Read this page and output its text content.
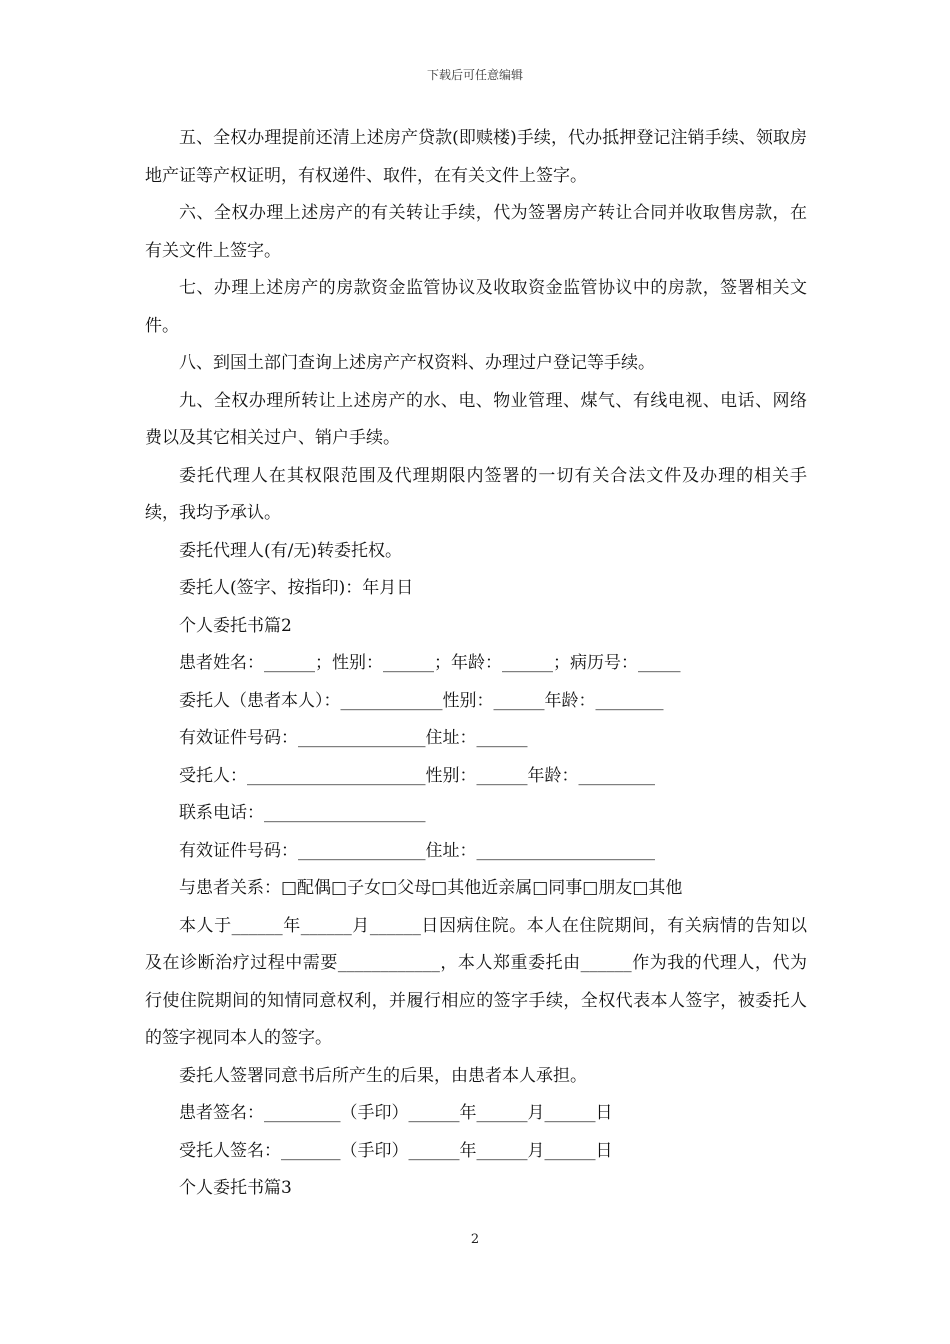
下载后可任意编辑

五、全权办理提前还清上述房产贷款(即赎楼)手续，代办抵押登记注销手续、领取房地产证等产权证明，有权递件、取件，在有关文件上签字。

六、全权办理上述房产的有关转让手续，代为签署房产转让合同并收取售房款，在有关文件上签字。

七、办理上述房产的房款资金监管协议及收取资金监管协议中的房款，签署相关文件。

八、到国土部门查询上述房产产权资料、办理过户登记等手续。

九、全权办理所转让上述房产的水、电、物业管理、煤气、有线电视、电话、网络费以及其它相关过户、销户手续。

委托代理人在其权限范围及代理期限内签署的一切有关合法文件及办理的相关手续，我均予承认。

委托代理人(有/无)转委托权。

委托人(签字、按指印)：年月日

个人委托书篇2

患者姓名：______；性别：______；年龄：______；病历号：_____

委托人（患者本人）：____________性别：______年龄：________

有效证件号码：_______________住址：______

受托人：_____________________性别：______年龄：_________

联系电话：___________________

有效证件号码：_______________住址：_____________________

与患者关系：□配偶□子女□父母□其他近亲属□同事□朋友□其他

本人于______年______月______日因病住院。本人在住院期间，有关病情的告知以及在诊断治疗过程中需要____________，本人郑重委托由______作为我的代理人，代为行使住院期间的知情同意权利，并履行相应的签字手续，全权代表本人签字，被委托人的签字视同本人的签字。

委托人签署同意书后所产生的后果，由患者本人承担。

患者签名：_________（手印）______年______月______日

受托人签名：_______（手印）______年______月______日

个人委托书篇3

2
